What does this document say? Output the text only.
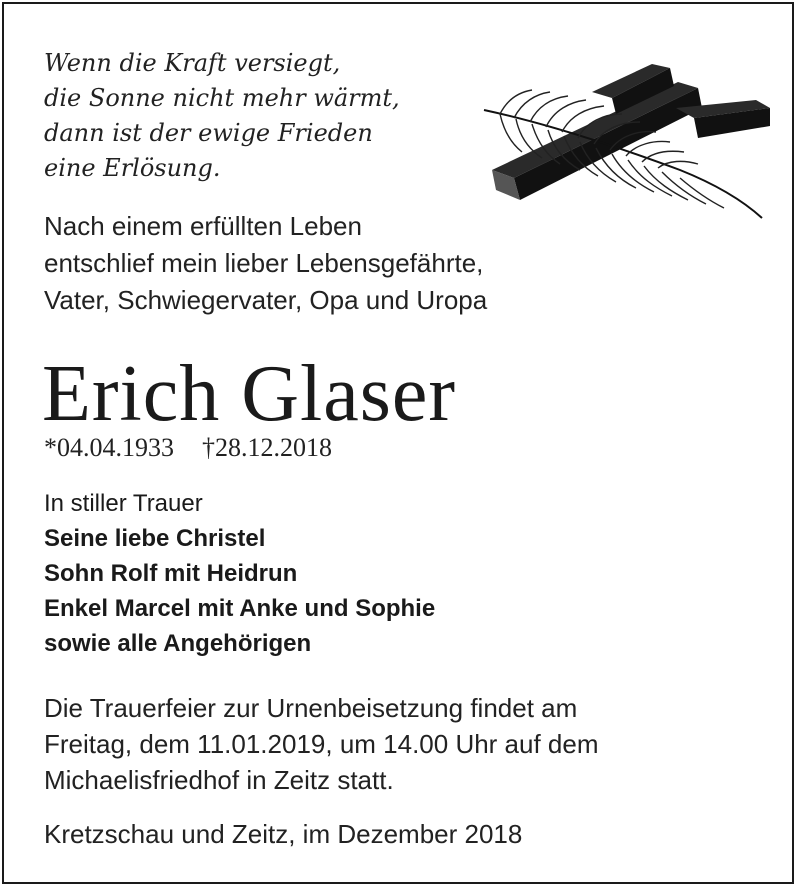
Wenn die Kraft versiegt,
die Sonne nicht mehr wärmt,
dann ist der ewige Frieden
eine Erlösung.
Nach einem erfüllten Leben
entschlief mein lieber Lebensgefährte,
Vater, Schwiegervater, Opa und Uropa
Erich Glaser
*04.04.1933 †28.12.2018
In stiller Trauer
Seine liebe Christel
Sohn Rolf mit Heidrun
Enkel Marcel mit Anke und Sophie
sowie alle Angehörigen
Die Trauerfeier zur Urnenbeisetzung findet am
Freitag, dem 11.01.2019, um 14.00 Uhr auf dem
Michaelisfriedhof in Zeitz statt.
Kretzschau und Zeitz, im Dezember 2018
